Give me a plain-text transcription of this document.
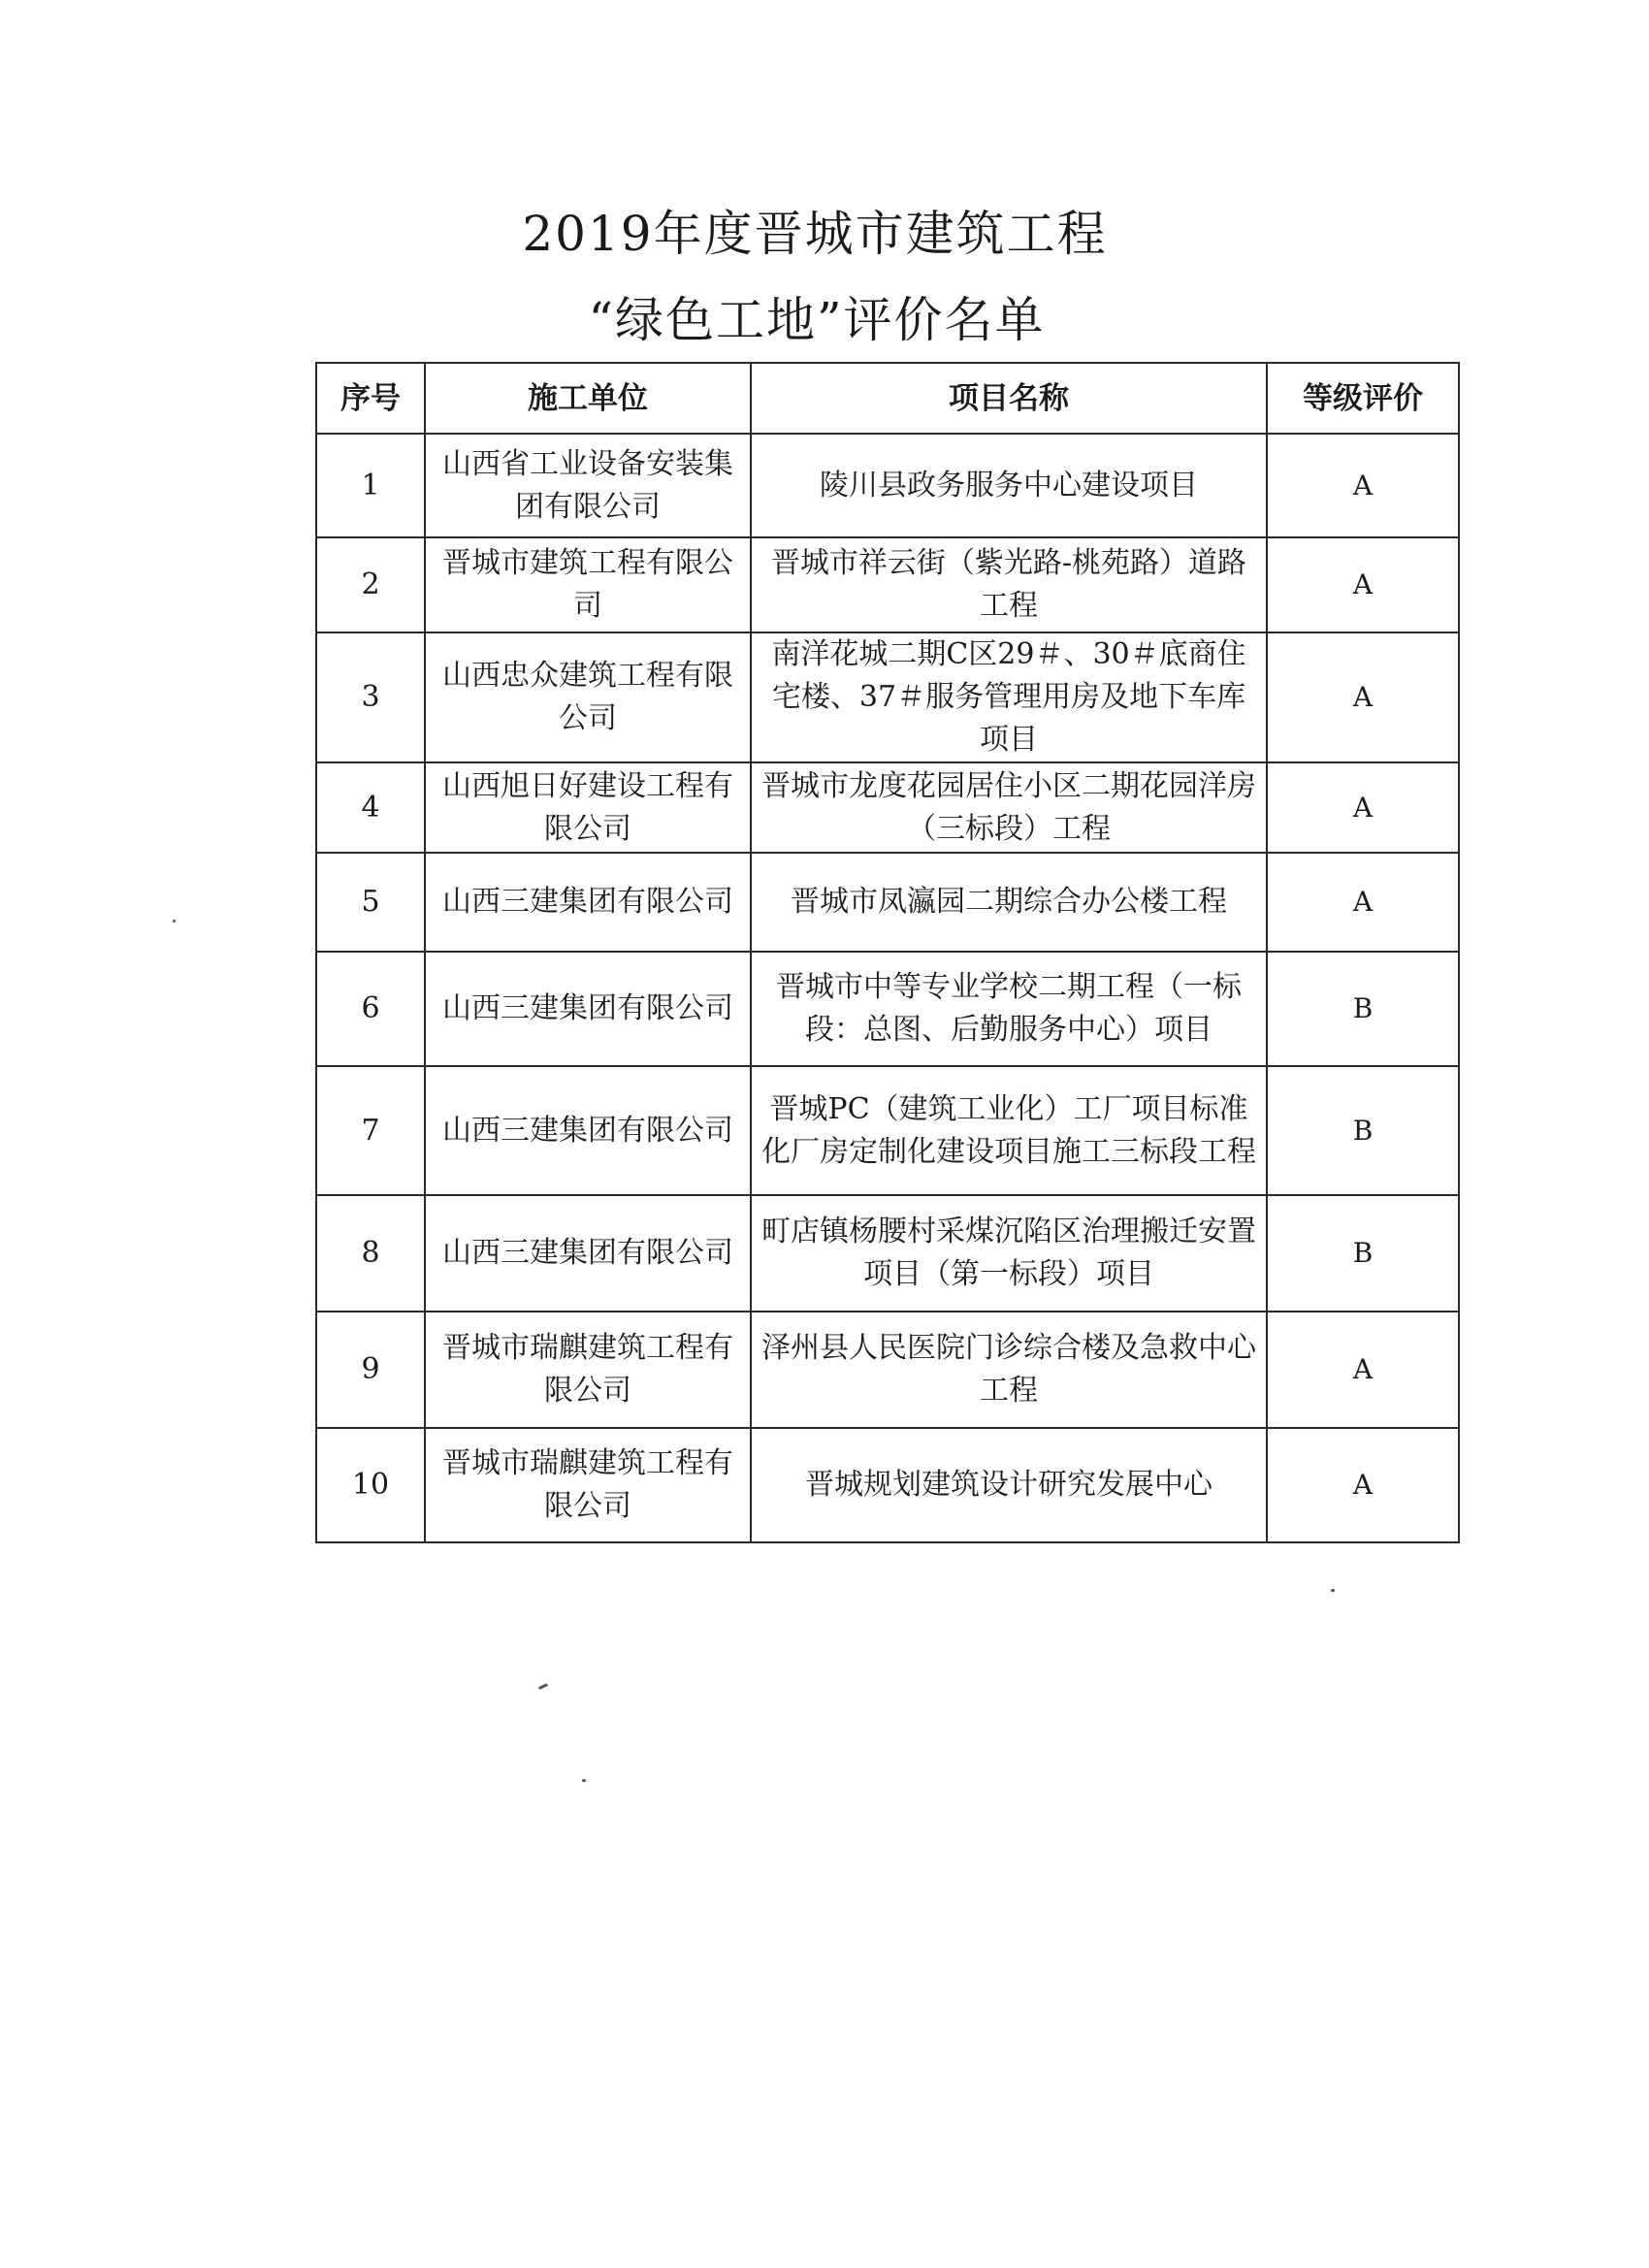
2019年度晋城市建筑工程
“绿色工地”评价名单
序号	施工单位	项目名称	等级评价
1	山西省工业设备安装集团有限公司	陵川县政务服务中心建设项目	A
2	晋城市建筑工程有限公司	晋城市祥云街（紫光路-桃苑路）道路工程	A
3	山西忠众建筑工程有限公司	南洋花城二期C区29＃、30＃底商住宅楼、37＃服务管理用房及地下车库项目	A
4	山西旭日好建设工程有限公司	晋城市龙度花园居住小区二期花园洋房（三标段）工程	A
5	山西三建集团有限公司	晋城市凤瀛园二期综合办公楼工程	A
6	山西三建集团有限公司	晋城市中等专业学校二期工程（一标段：总图、后勤服务中心）项目	B
7	山西三建集团有限公司	晋城PC（建筑工业化）工厂项目标准化厂房定制化建设项目施工三标段工程	B
8	山西三建集团有限公司	町店镇杨腰村采煤沉陷区治理搬迁安置项目（第一标段）项目	B
9	晋城市瑞麒建筑工程有限公司	泽州县人民医院门诊综合楼及急救中心工程	A
10	晋城市瑞麒建筑工程有限公司	晋城规划建筑设计研究发展中心	A
